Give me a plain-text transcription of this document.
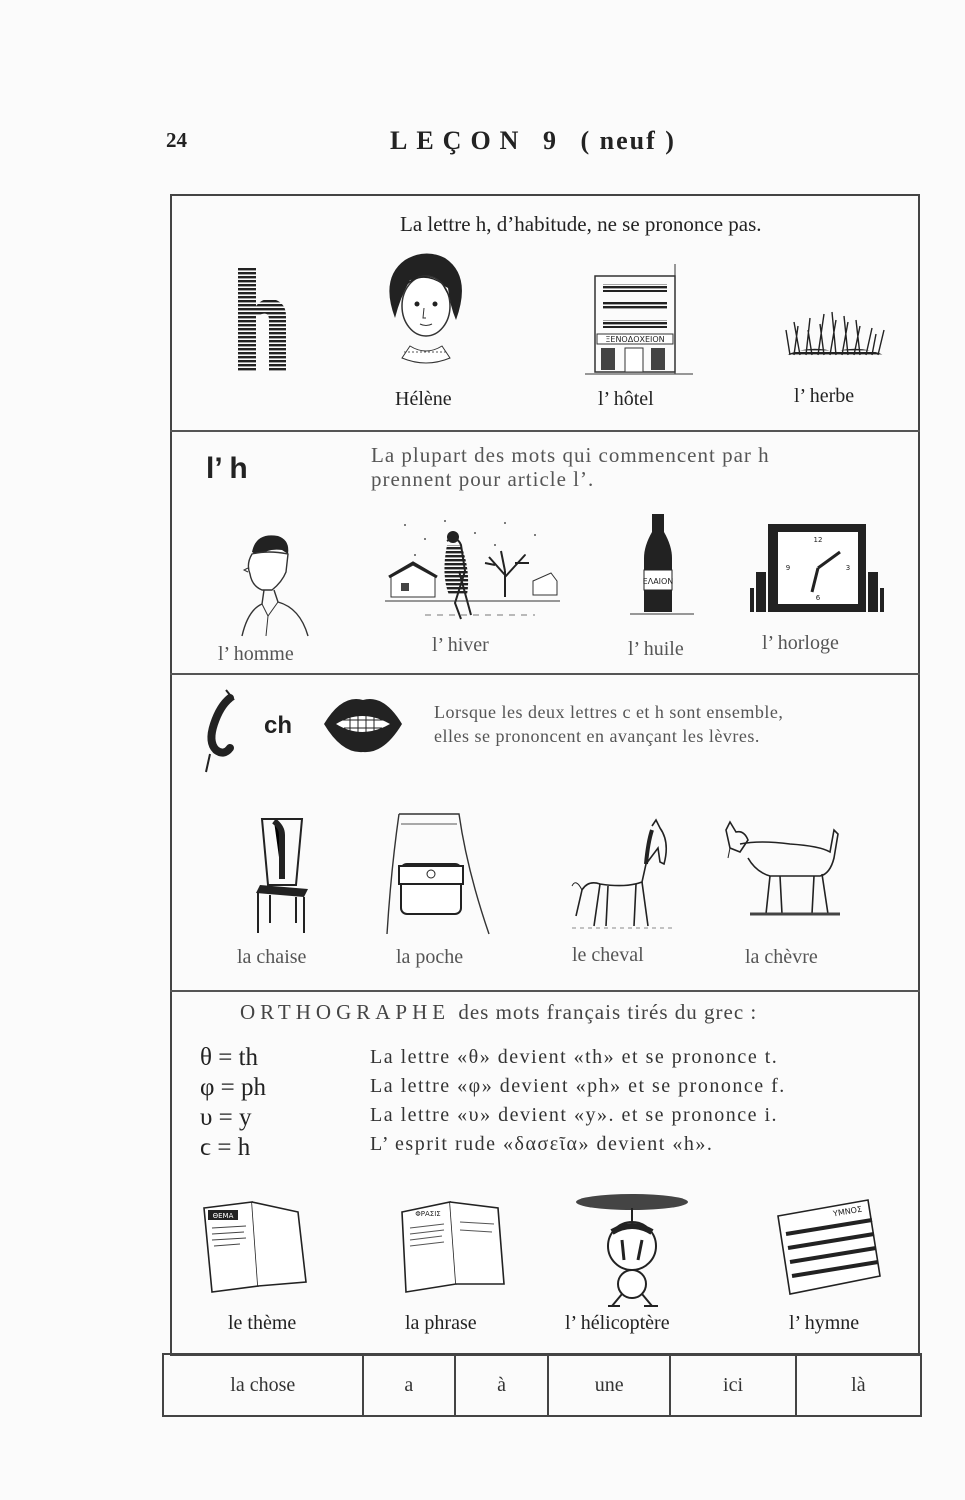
24	LEÇON 9 ( neuf )
La lettre h, d’habitude, ne se prononce pas.
ΞΕΝΟΔΟΧΕΙΟΝ
Hélène	l’ hôtel	l’ herbe
l’ h	La plupart des mots qui commencent par h
prennent pour article l’.
ΕΛΑΙΟΝ
12
3
6
9
l’ homme	l’ hiver	l’ huile	l’ horloge
ch	Lorsque les deux lettres c et h sont ensemble,
elles se prononcent en avançant les lèvres.
la chaise	la poche	le cheval	la chèvre
ORTHOGRAPHE des mots français tirés du grec :
θ = th
φ = ph
υ = y
ϲ = h
La lettre «θ» devient «th» et se prononce t.
La lettre «φ» devient «ph» et se prononce f.
La lettre «υ» devient «y». et se prononce i.
L’ esprit rude «δασεῖα» devient «h».
ΘΕΜΑ	ΦΡΑΣΙΣ	ΥΜΝΟΣ
le thème	la phrase	l’ hélicoptère	l’ hymne
la chose	a	à	une	ici	là
